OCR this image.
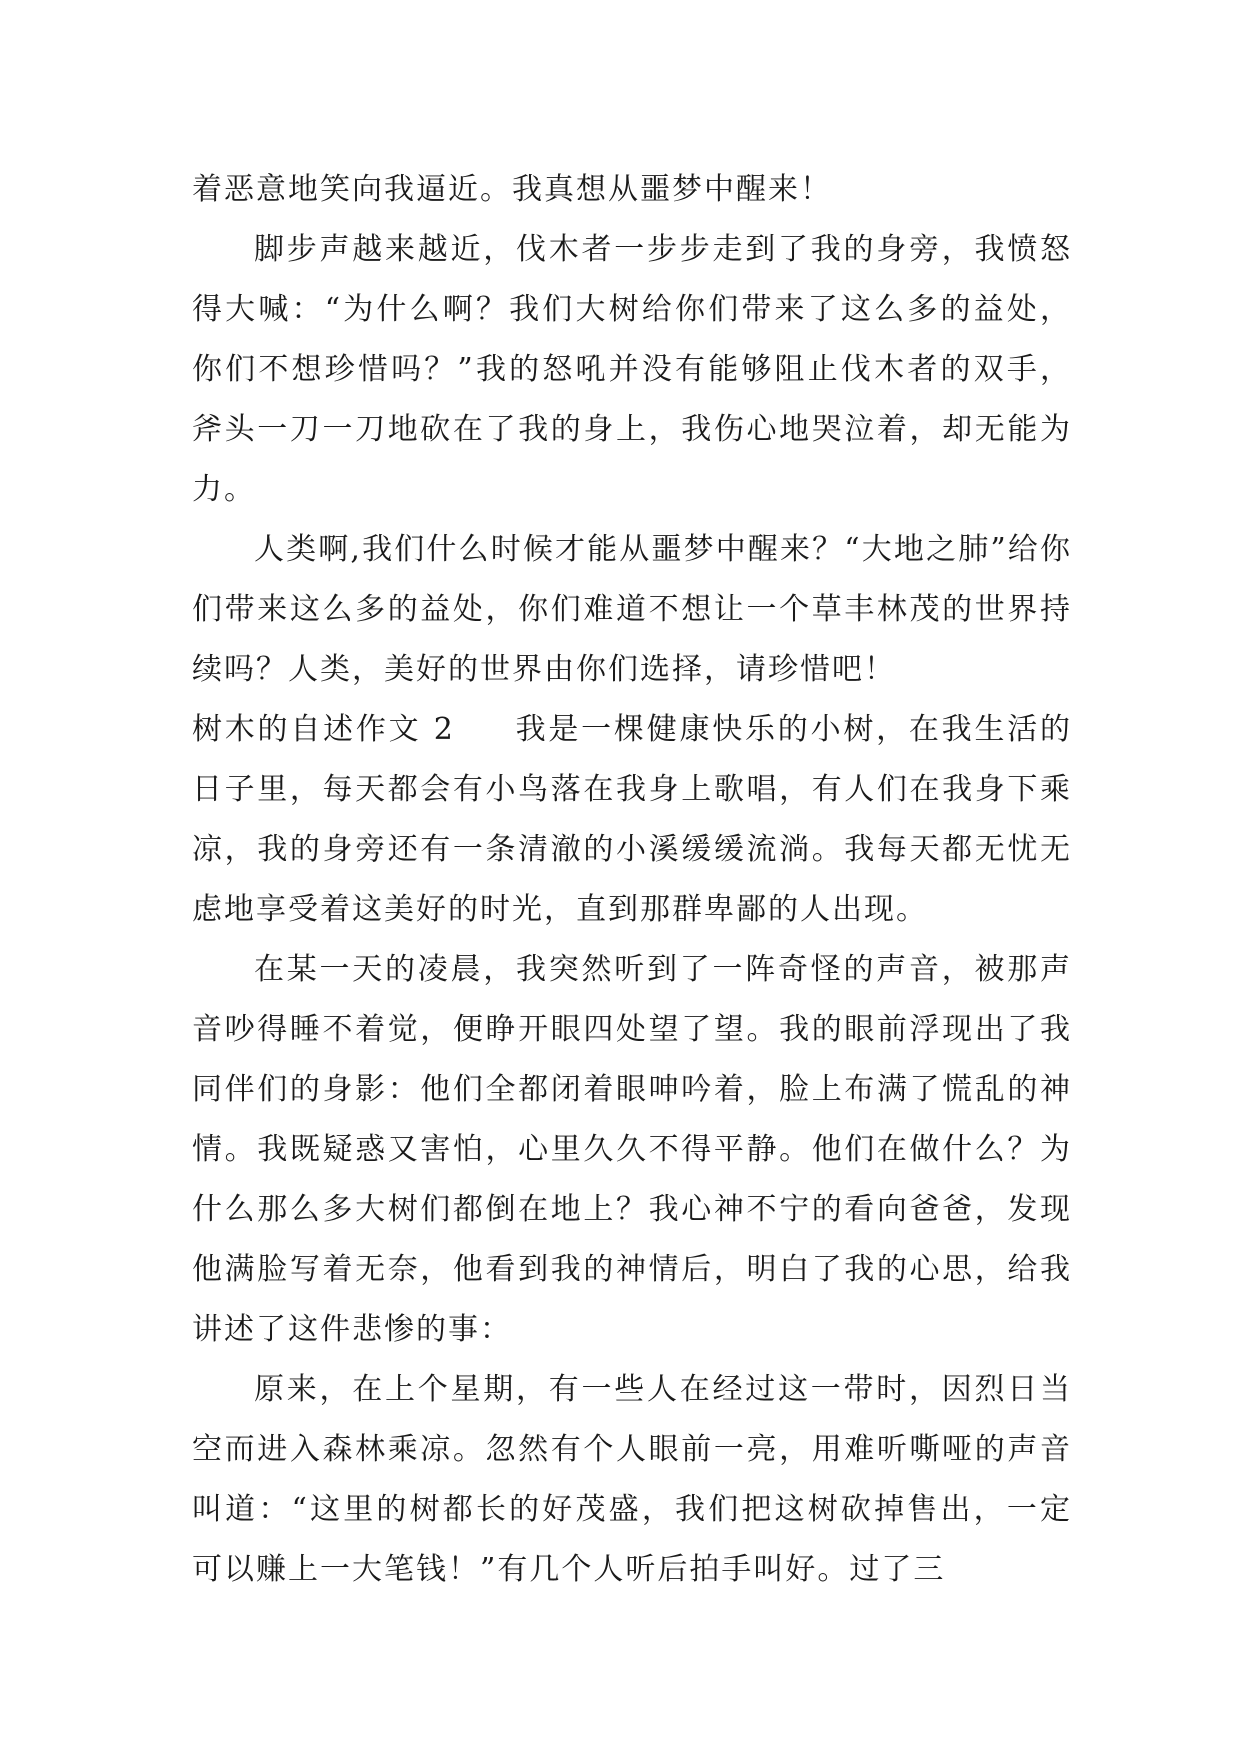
着恶意地笑向我逼近。我真想从噩梦中醒来！

脚步声越来越近，伐木者一步步走到了我的身旁，我愤怒得大喊：“为什么啊？我们大树给你们带来了这么多的益处，你们不想珍惜吗？”我的怒吼并没有能够阻止伐木者的双手，斧头一刀一刀地砍在了我的身上，我伤心地哭泣着，却无能为力。

人类啊,我们什么时候才能从噩梦中醒来？“大地之肺”给你们带来这么多的益处，你们难道不想让一个草丰林茂的世界持续吗？人类，美好的世界由你们选择，请珍惜吧！

树木的自述作文 2 我是一棵健康快乐的小树，在我生活的日子里，每天都会有小鸟落在我身上歌唱，有人们在我身下乘凉，我的身旁还有一条清澈的小溪缓缓流淌。我每天都无忧无虑地享受着这美好的时光，直到那群卑鄙的人出现。

在某一天的凌晨，我突然听到了一阵奇怪的声音，被那声音吵得睡不着觉，便睁开眼四处望了望。我的眼前浮现出了我同伴们的身影：他们全都闭着眼呻吟着，脸上布满了慌乱的神情。我既疑惑又害怕，心里久久不得平静。他们在做什么？为什么那么多大树们都倒在地上？我心神不宁的看向爸爸，发现他满脸写着无奈，他看到我的神情后，明白了我的心思，给我讲述了这件悲惨的事：

原来，在上个星期，有一些人在经过这一带时，因烈日当空而进入森林乘凉。忽然有个人眼前一亮，用难听嘶哑的声音叫道：“这里的树都长的好茂盛，我们把这树砍掉售出，一定可以赚上一大笔钱！”有几个人听后拍手叫好。过了三
